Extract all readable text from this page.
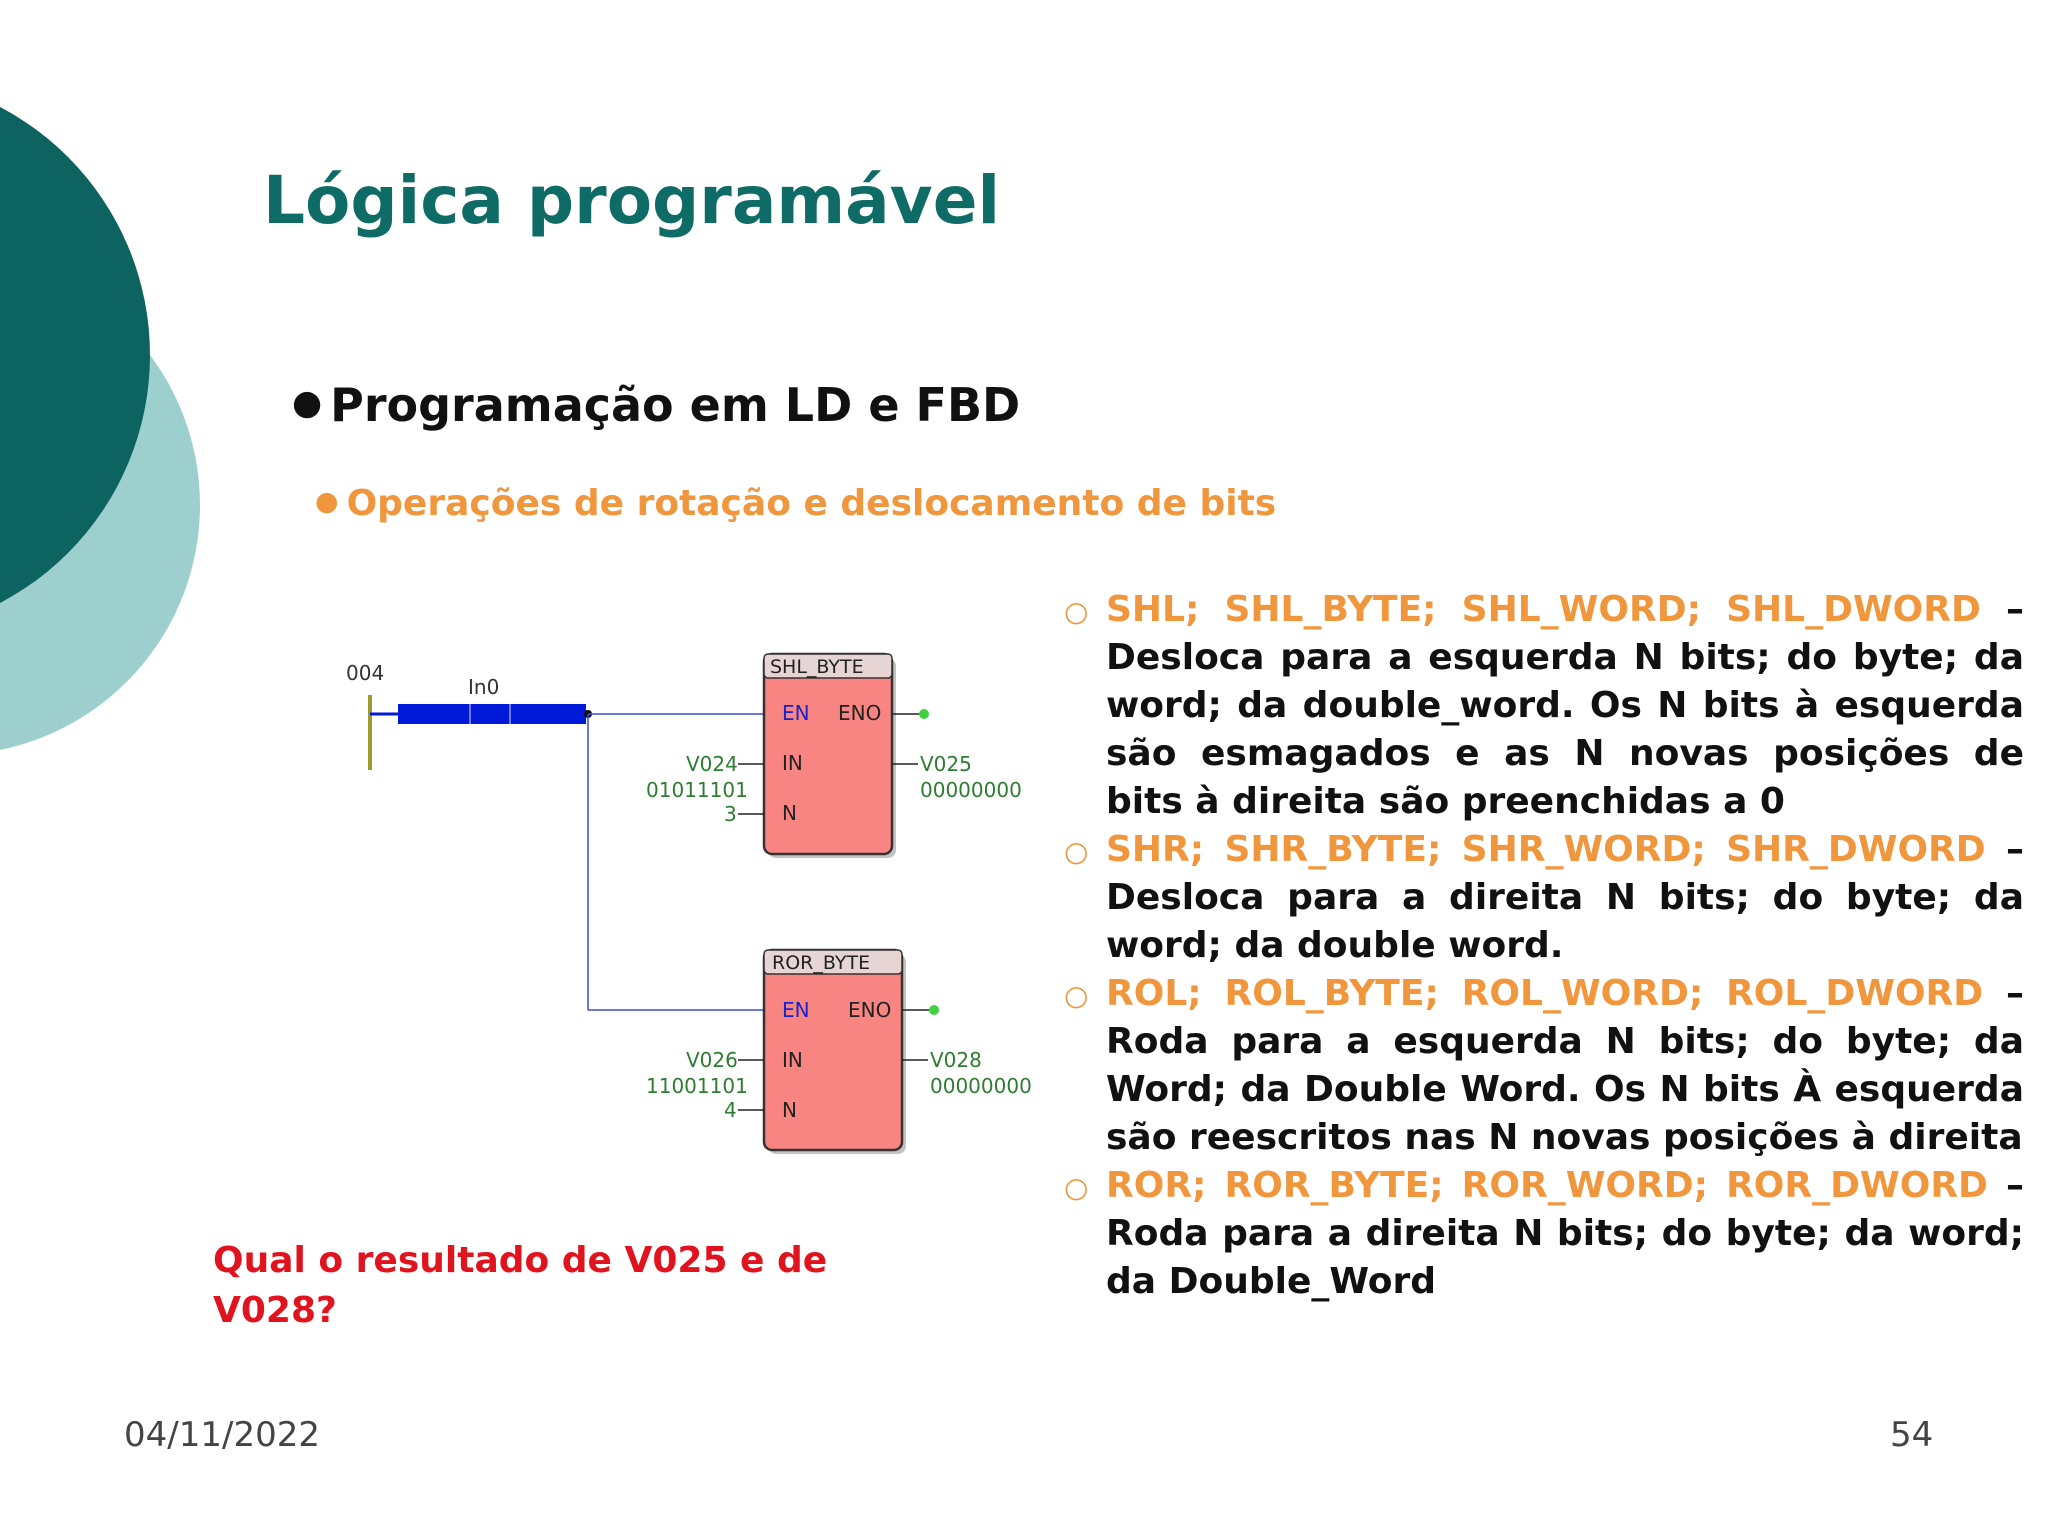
Lógica programável
● Programação em LD e FBD
● Operações de rotação e deslocamento de bits
004
In0
SHL_BYTE
EN ENO
IN
N
V024
01011101
3
V025
00000000
ROR_BYTE
EN ENO
IN
N
V026
11001101
4
V028
00000000
○ SHL; SHL_BYTE; SHL_WORD; SHL_DWORD – Desloca para a esquerda N bits; do byte; da word; da double_word. Os N bits à esquerda são esmagados e as N novas posições de bits à direita são preenchidas a 0
○ SHR; SHR_BYTE; SHR_WORD; SHR_DWORD – Desloca para a direita N bits; do byte; da word; da double word.
○ ROL; ROL_BYTE; ROL_WORD; ROL_DWORD – Roda para a esquerda N bits; do byte; da Word; da Double Word. Os N bits À esquerda são reescritos nas N novas posições à direita
○ ROR; ROR_BYTE; ROR_WORD; ROR_DWORD – Roda para a direita N bits; do byte; da word; da Double_Word

Qual o resultado de V025 e de V028?

04/11/2022	54
